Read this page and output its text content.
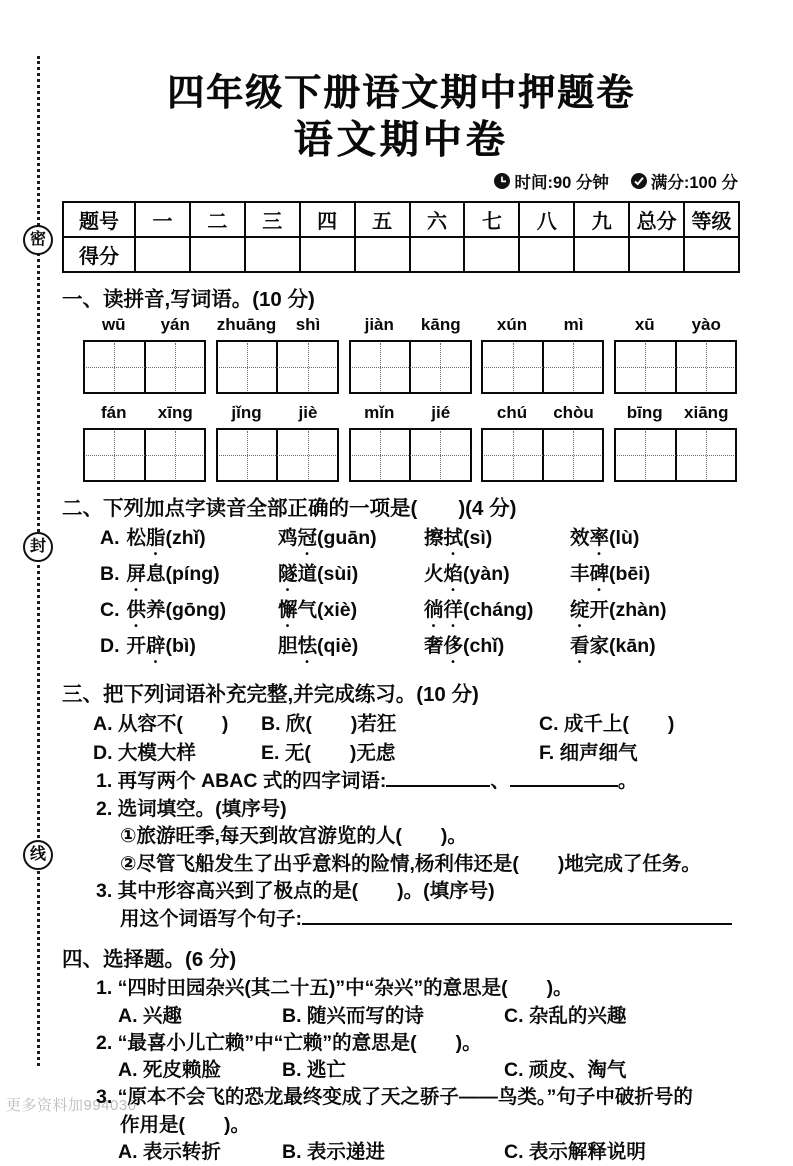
密
封
线
更多资料加994030
四年级下册语文期中押题卷
语文期中卷
时间:90 分钟	满分:100 分
题号	一	二	三	四	五	六	七	八	九	总分	等级
得分											
一、读拼音,写词语。(10 分)
wū	yán	zhuāng	shì	jiàn	kāng	xún	mì	xū	yào
fán	xīng	jǐng	jiè	mǐn	jié	chú	chòu	bīng	xiāng
二、下列加点字读音全部正确的一项是(　　)(4 分)
A. 松脂(zhǐ)	鸡冠(guān)	擦拭(sì)	效率(lù)
B. 屏息(píng)	隧道(sùi)	火焰(yàn)	丰碑(bēi)
C. 供养(gōng)	懈气(xiè)	徜徉(cháng)	绽开(zhàn)
D. 开辟(bì)	胆怯(qiè)	奢侈(chǐ)	看家(kān)
三、把下列词语补充完整,并完成练习。(10 分)
A. 从容不(　　)	B. 欣(　　)若狂	C. 成千上(　　)
D. 大模大样	E. 无(　　)无虑	F. 细声细气
1. 再写两个 ABAC 式的四字词语:	、	。
2. 选词填空。(填序号)
①旅游旺季,每天到故宫游览的人(　　)。
②尽管飞船发生了出乎意料的险情,杨利伟还是(　　)地完成了任务。
3. 其中形容高兴到了极点的是(　　)。(填序号)
用这个词语写个句子:
四、选择题。(6 分)
1. “四时田园杂兴(其二十五)”中“杂兴”的意思是(　　)。
A. 兴趣	B. 随兴而写的诗	C. 杂乱的兴趣
2. “最喜小儿亡赖”中“亡赖”的意思是(　　)。
A. 死皮赖脸	B. 逃亡	C. 顽皮、淘气
3. “原本不会飞的恐龙最终变成了天之骄子——鸟类。”句子中破折号的
作用是(　　)。
A. 表示转折	B. 表示递进	C. 表示解释说明
